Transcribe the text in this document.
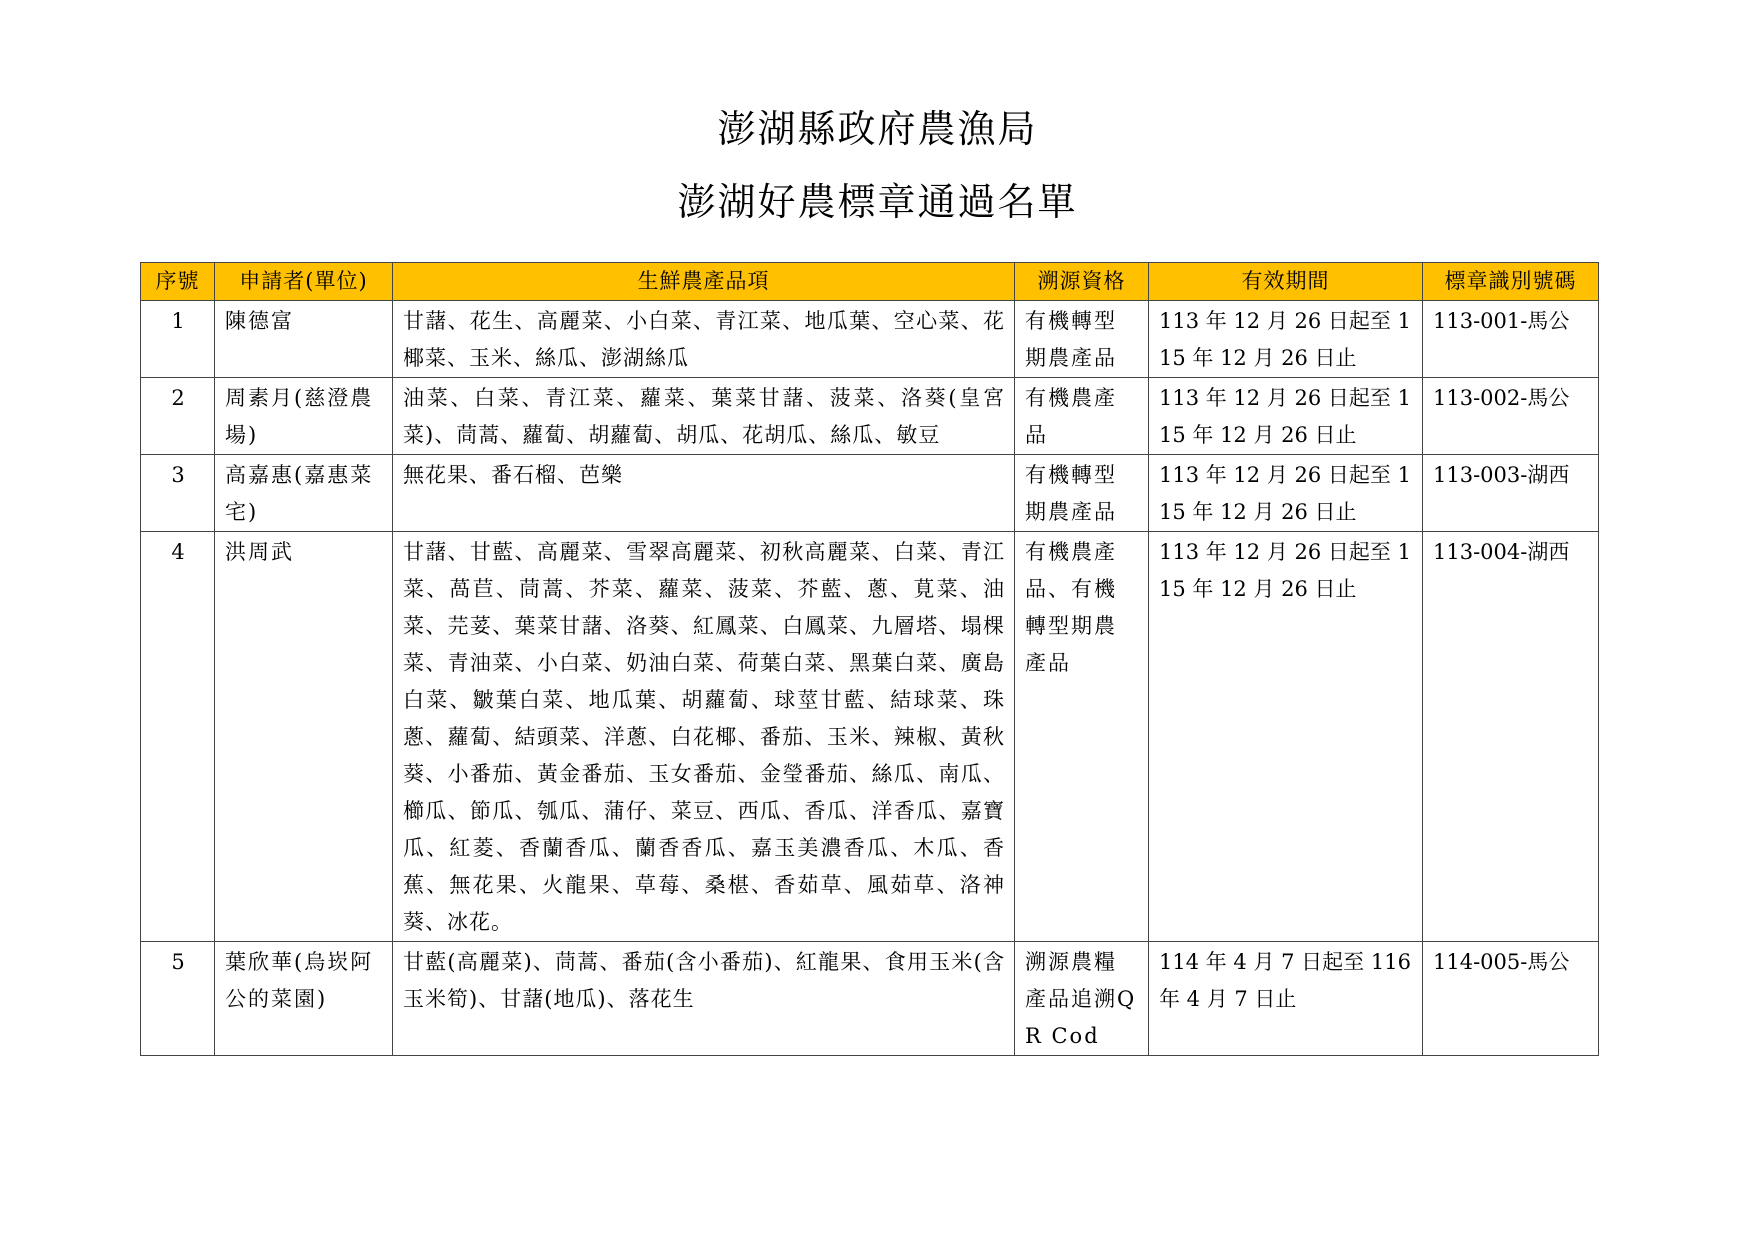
澎湖縣政府農漁局
澎湖好農標章通過名單
序號	申請者(單位)	生鮮農產品項	溯源資格	有效期間	標章識別號碼
1	陳德富	甘藷、花生、高麗菜、小白菜、青江菜、地瓜葉、空心菜、花椰菜、玉米、絲瓜、澎湖絲瓜	有機轉型期農產品	113 年 12 月 26 日起至 115 年 12 月 26 日止	113-001-馬公
2	周素月(慈澄農場)	油菜、白菜、青江菜、蘿菜、葉菜甘藷、菠菜、洛葵(皇宮菜)、茼蒿、蘿蔔、胡蘿蔔、胡瓜、花胡瓜、絲瓜、敏豆	有機農產品	113 年 12 月 26 日起至 115 年 12 月 26 日止	113-002-馬公
3	高嘉惠(嘉惠菜宅)	無花果、番石榴、芭樂	有機轉型期農產品	113 年 12 月 26 日起至 115 年 12 月 26 日止	113-003-湖西
4	洪周武	甘藷、甘藍、高麗菜、雪翠高麗菜、初秋高麗菜、白菜、青江菜、萵苣、茼蒿、芥菜、蘿菜、菠菜、芥藍、蔥、莧菜、油菜、芫荽、葉菜甘藷、洛葵、紅鳳菜、白鳳菜、九層塔、塌棵菜、青油菜、小白菜、奶油白菜、荷葉白菜、黑葉白菜、廣島白菜、皺葉白菜、地瓜葉、胡蘿蔔、球莖甘藍、結球菜、珠蔥、蘿蔔、結頭菜、洋蔥、白花椰、番茄、玉米、辣椒、黃秋葵、小番茄、黃金番茄、玉女番茄、金瑩番茄、絲瓜、南瓜、櫛瓜、節瓜、瓠瓜、蒲仔、菜豆、西瓜、香瓜、洋香瓜、嘉寶瓜、紅菱、香蘭香瓜、蘭香香瓜、嘉玉美濃香瓜、木瓜、香蕉、無花果、火龍果、草莓、桑椹、香茹草、風茹草、洛神葵、冰花。	有機農產品、有機轉型期農產品	113 年 12 月 26 日起至 115 年 12 月 26 日止	113-004-湖西
5	葉欣華(烏崁阿公的菜園)	甘藍(高麗菜)、茼蒿、番茄(含小番茄)、紅龍果、食用玉米(含玉米筍)、甘藷(地瓜)、落花生	溯源農糧產品追溯QR Cod	114 年 4 月 7 日起至 116 年 4 月 7 日止	114-005-馬公
